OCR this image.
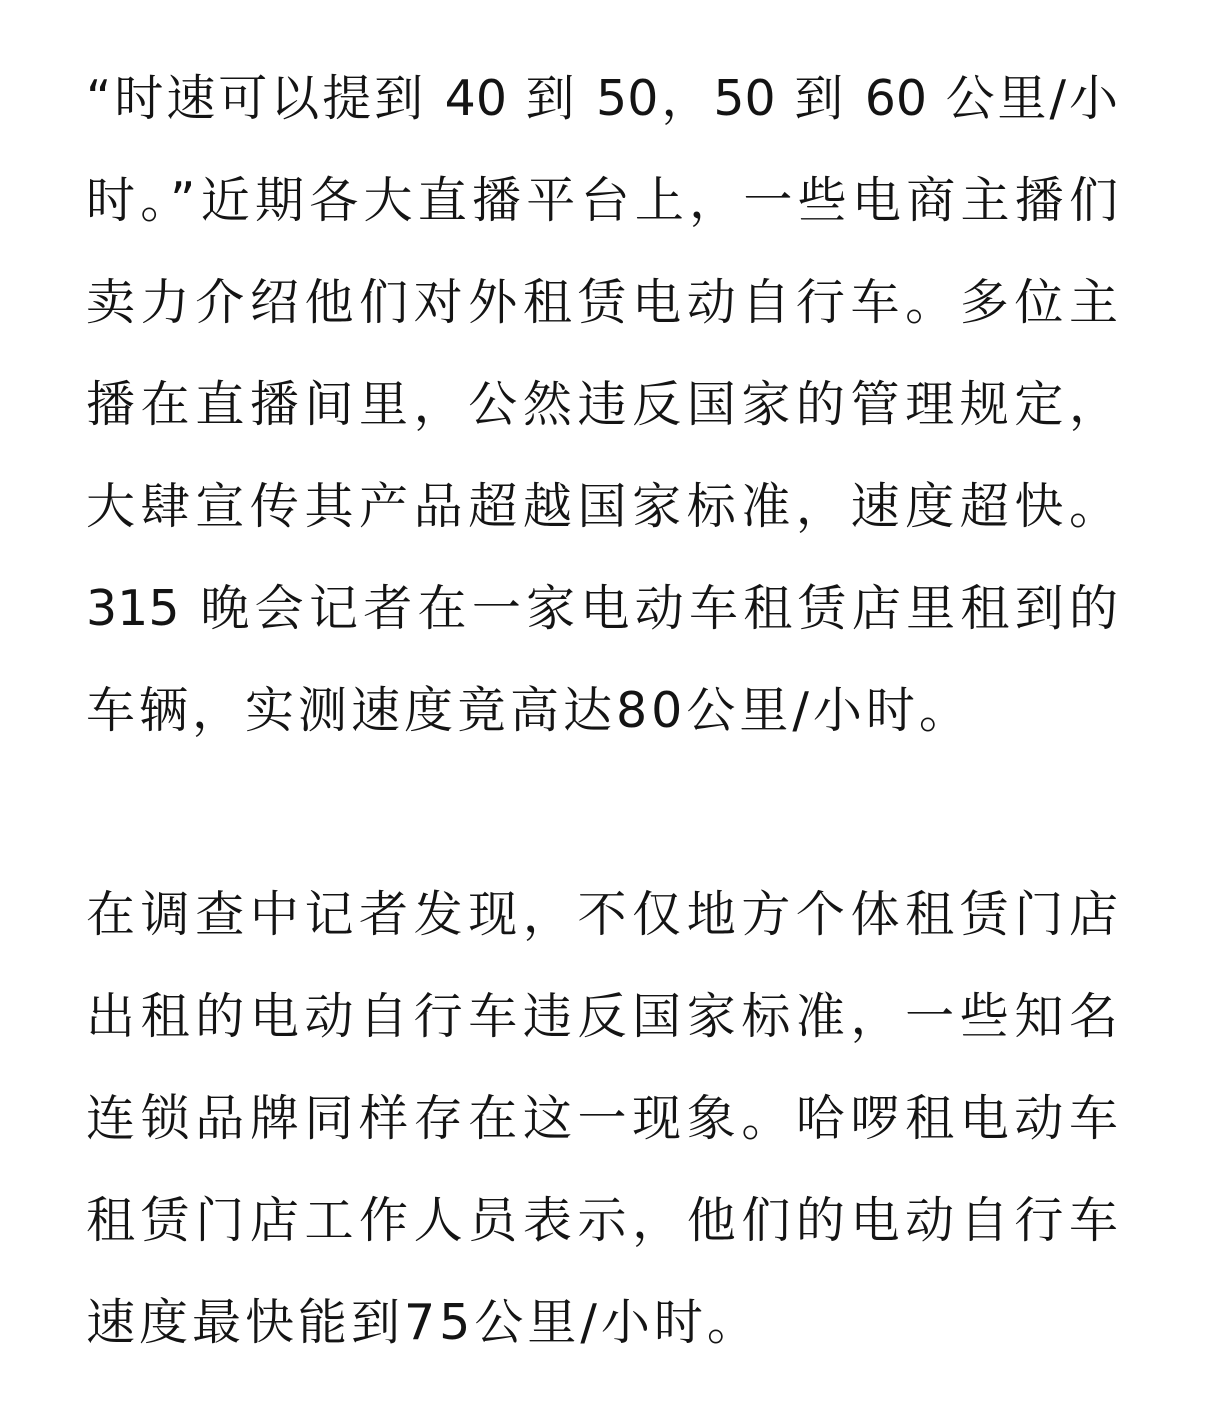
“时速可以提到 40 到 50，50 到 60 公里/小
时。”近期各大直播平台上，一些电商主播们
卖力介绍他们对外租赁电动自行车。多位主
播在直播间里，公然违反国家的管理规定，
大肆宣传其产品超越国家标准，速度超快。
315 晚会记者在一家电动车租赁店里租到的
车辆，实测速度竟高达80公里/小时。

在调查中记者发现，不仅地方个体租赁门店
出租的电动自行车违反国家标准，一些知名
连锁品牌同样存在这一现象。哈啰租电动车
租赁门店工作人员表示，他们的电动自行车
速度最快能到75公里/小时。
